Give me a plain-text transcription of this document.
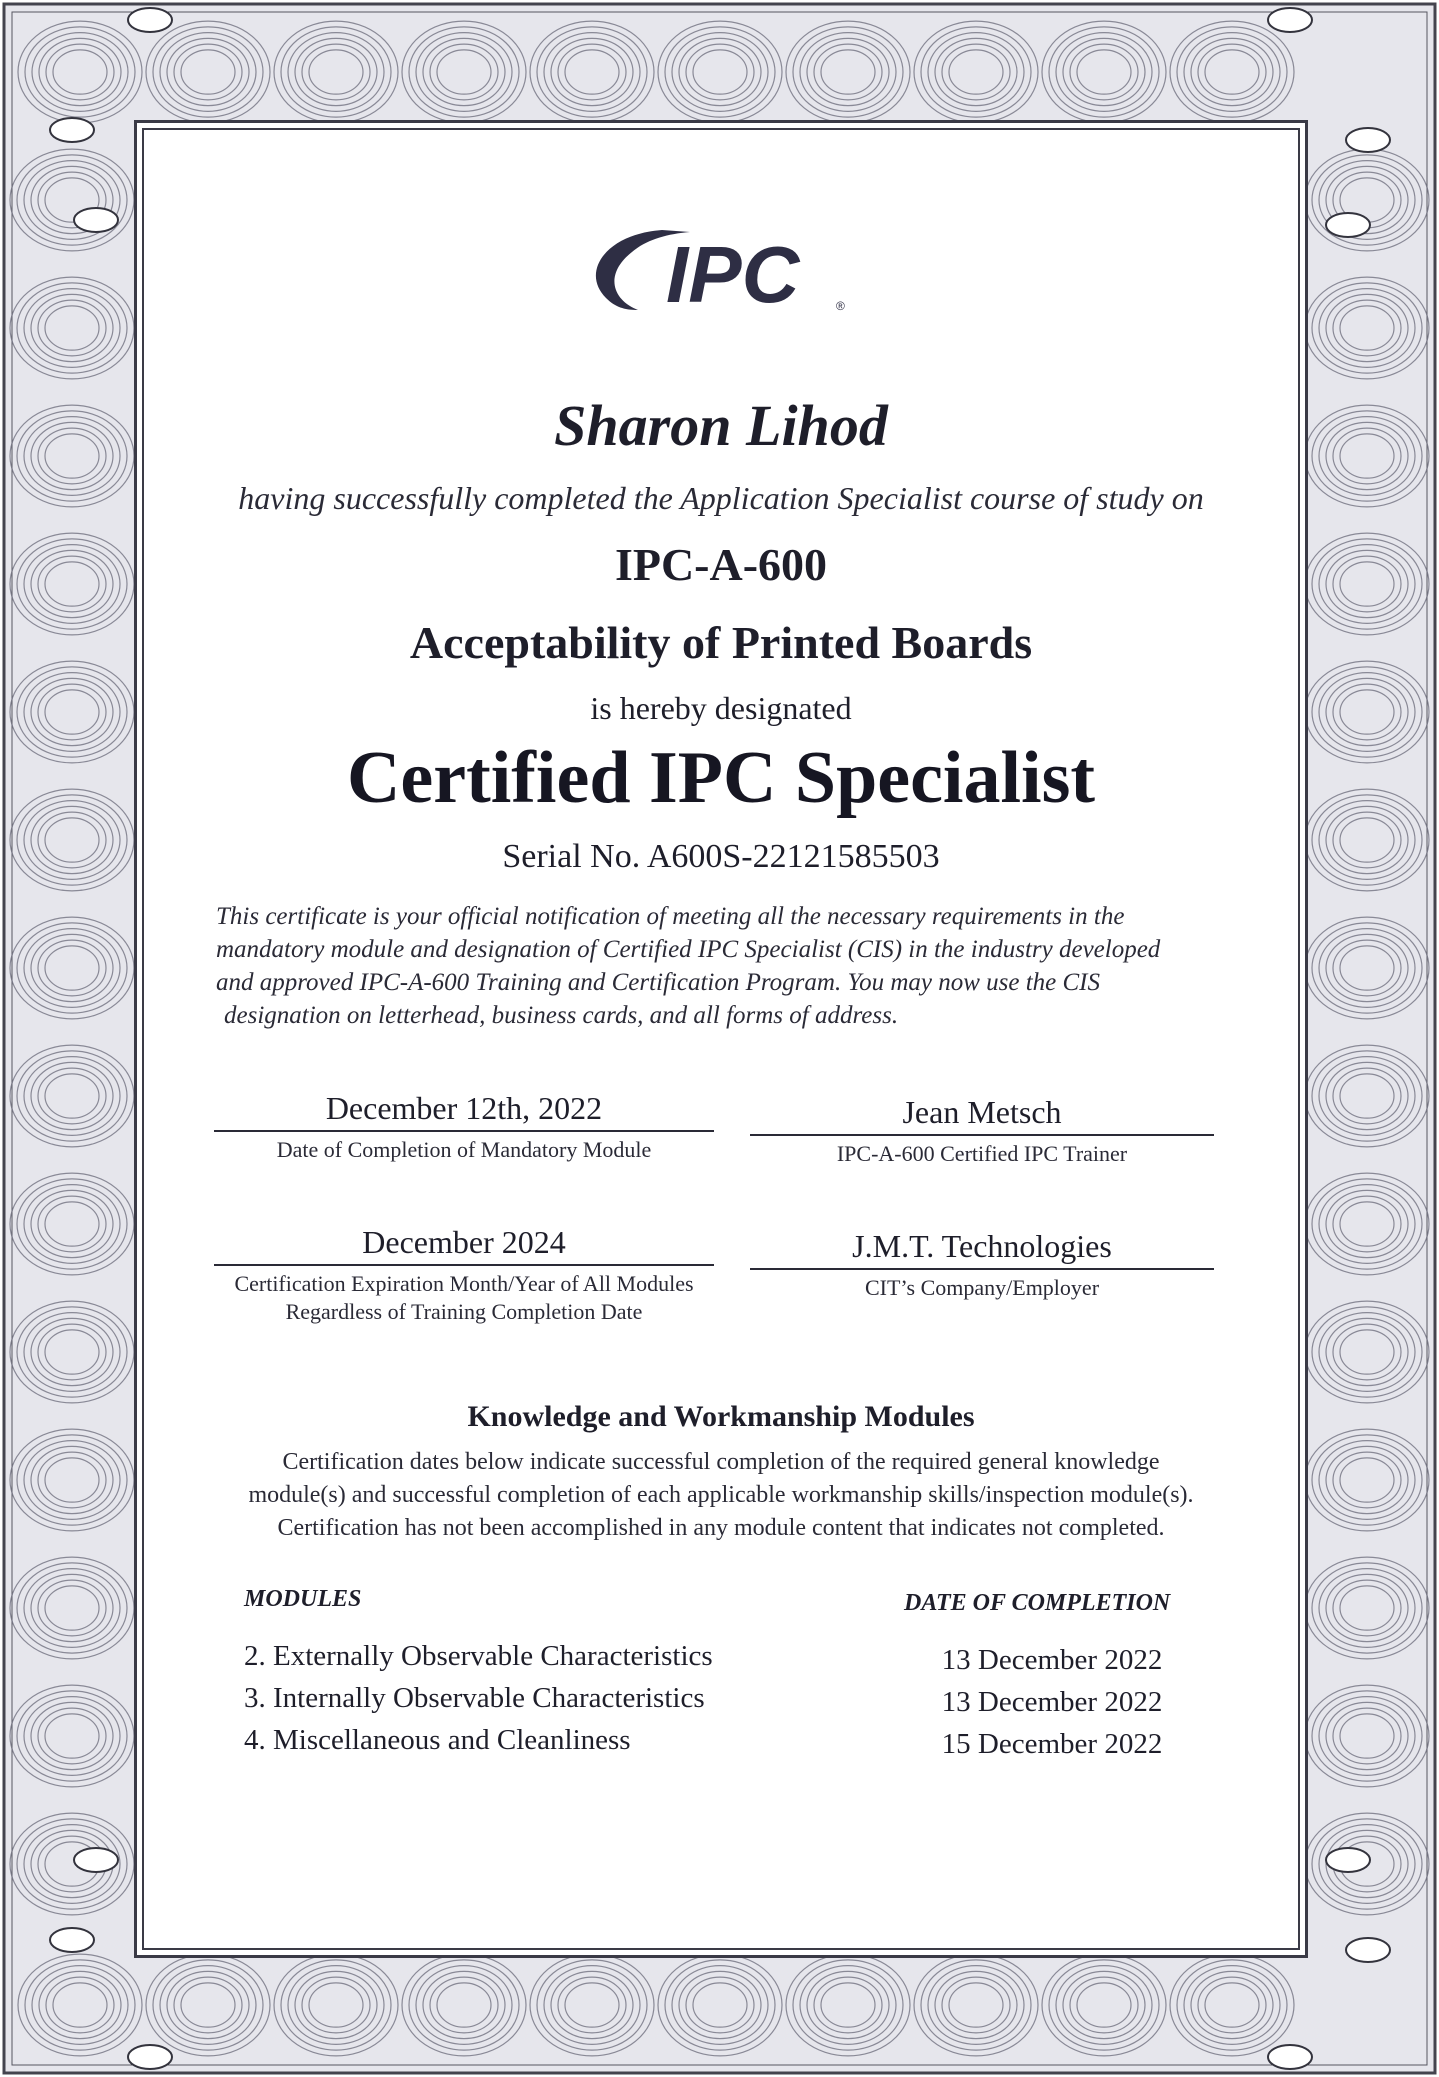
IPC	®
Sharon Lihod
having successfully completed the Application Specialist course of study on
IPC-A-600
Acceptability of Printed Boards
is hereby designated
Certified IPC Specialist
Serial No. A600S-22121585503
This certificate is your official notification of meeting all the necessary requirements in the
mandatory module and designation of Certified IPC Specialist (CIS) in the industry developed
and approved IPC-A-600 Training and Certification Program. You may now use the CIS
designation on letterhead, business cards, and all forms of address.
December 12th, 2022
Date of Completion of Mandatory Module
Jean Metsch
IPC-A-600 Certified IPC Trainer
December 2024
Certification Expiration Month/Year of All Modules
Regardless of Training Completion Date
J.M.T. Technologies
CIT’s Company/Employer
Knowledge and Workmanship Modules
Certification dates below indicate successful completion of the required general knowledge
module(s) and successful completion of each applicable workmanship skills/inspection module(s).
Certification has not been accomplished in any module content that indicates not completed.
MODULES	DATE OF COMPLETION
2. Externally Observable Characteristics	13 December 2022
3. Internally Observable Characteristics	13 December 2022
4. Miscellaneous and Cleanliness	15 December 2022
